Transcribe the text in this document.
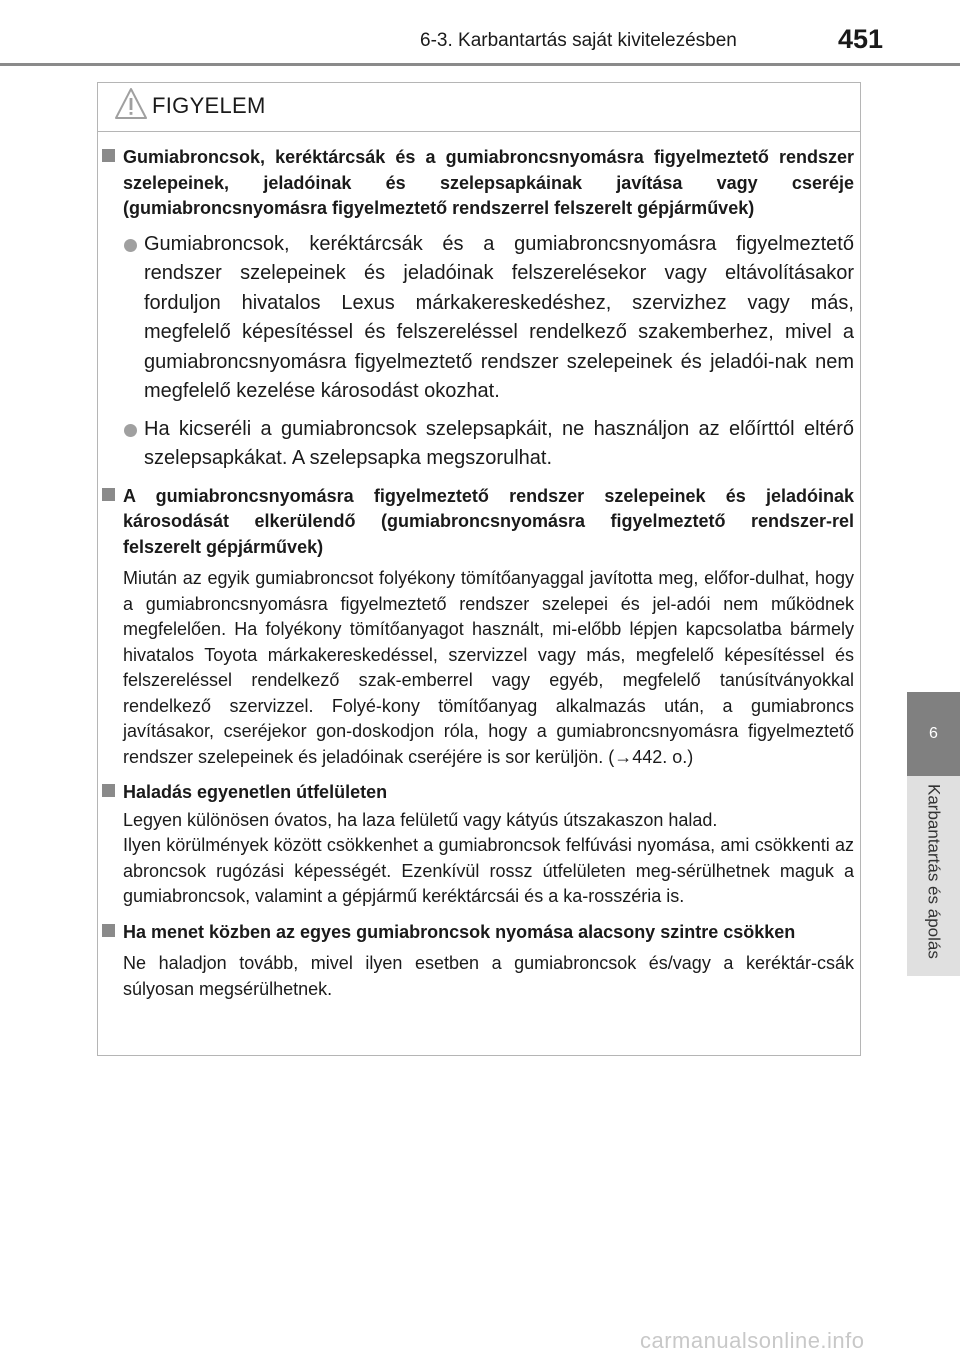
6-3. Karbantartás saját kivitelezésben	451
6
Karbantartás és ápolás
FIGYELEM
Gumiabroncsok, keréktárcsák és a gumiabroncsnyomásra figyelmeztető rendszer szelepeinek, jeladóinak és szelepsapkáinak javítása vagy cseréje (gumiabroncsnyomásra figyelmeztető rendszerrel felszerelt gépjárművek)
Gumiabroncsok, keréktárcsák és a gumiabroncsnyomásra figyelmeztető rendszer szelepeinek és jeladóinak felszerelésekor vagy eltávolításakor forduljon hivatalos Lexus márkakereskedéshez, szervizhez vagy más, megfelelő képesítéssel és felszereléssel rendelkező szakemberhez, mivel a gumiabroncsnyomásra figyelmeztető rendszer szelepeinek és jeladói-nak nem megfelelő kezelése károsodást okozhat.
Ha kicseréli a gumiabroncsok szelepsapkáit, ne használjon az előírttól eltérő szelepsapkákat. A szelepsapka megszorulhat.
A gumiabroncsnyomásra figyelmeztető rendszer szelepeinek és jeladóinak károsodását elkerülendő (gumiabroncsnyomásra figyelmeztető rendszer-rel felszerelt gépjárművek)

Miután az egyik gumiabroncsot folyékony tömítőanyaggal javította meg, előfor-dulhat, hogy a gumiabroncsnyomásra figyelmeztető rendszer szelepei és jel-adói nem működnek megfelelően. Ha folyékony tömítőanyagot használt, mi-előbb lépjen kapcsolatba bármely hivatalos Toyota márkakereskedéssel, szervizzel vagy más, megfelelő képesítéssel és felszereléssel rendelkező szak-emberrel vagy egyéb, megfelelő tanúsítványokkal rendelkező szervizzel. Folyé-kony tömítőanyag alkalmazás után, a gumiabroncs javításakor, cseréjekor gon-doskodjon róla, hogy a gumiabroncsnyomásra figyelmeztető rendszer szelepeinek és jeladóinak cseréjére is sor kerüljön. (→442. o.)

Haladás egyenetlen útfelületen

Legyen különösen óvatos, ha laza felületű vagy kátyús útszakaszon halad.

Ilyen körülmények között csökkenhet a gumiabroncsok felfúvási nyomása, ami csökkenti az abroncsok rugózási képességét. Ezenkívül rossz útfelületen meg-sérülhetnek maguk a gumiabroncsok, valamint a gépjármű keréktárcsái és a ka-rosszéria is.

Ha menet közben az egyes gumiabroncsok nyomása alacsony szintre csökken

Ne haladjon tovább, mivel ilyen esetben a gumiabroncsok és/vagy a keréktár-csák súlyosan megsérülhetnek.

carmanualsonline.info
